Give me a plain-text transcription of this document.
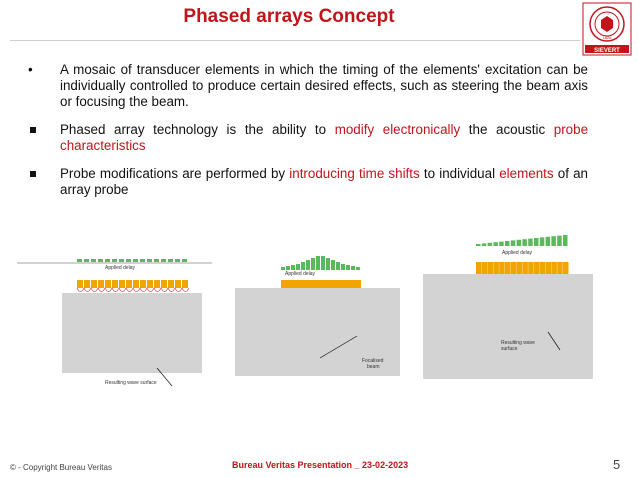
Phased arrays Concept
1828
SIEVERT
•	A mosaic of transducer elements in which the timing of the elements' excitation can be individually controlled to produce certain desired effects, such as steering the beam axis or focusing the beam.
Phased array technology is the ability to modify electronically the acoustic probe characteristics
Probe modifications are performed by introducing time shifts to individual elements of an array probe
Applied delay
Resulting wave surface
Applied delay
Focalised
beam
Applied delay
Resulting wave
surface
© - Copyright Bureau Veritas	Bureau Veritas Presentation _ 23-02-2023	5
